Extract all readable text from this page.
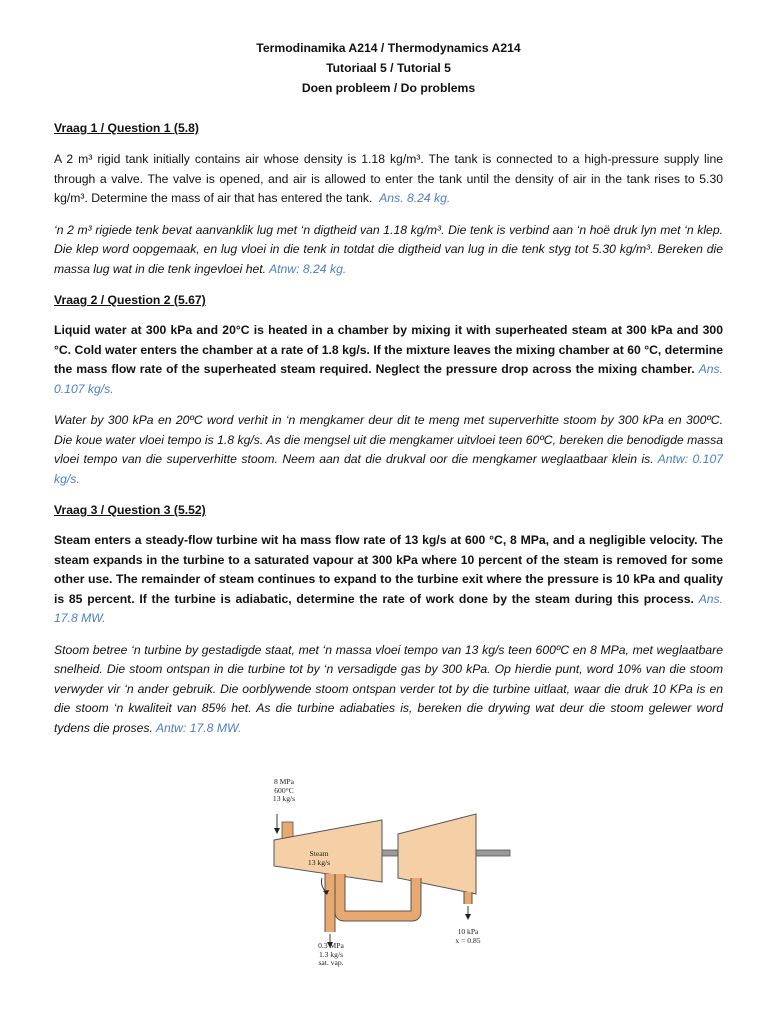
Termodinamika A214 / Thermodynamics A214
Tutoriaal 5 / Tutorial 5
Doen probleem / Do problems
Vraag 1 / Question 1 (5.8)

A 2 m³ rigid tank initially contains air whose density is 1.18 kg/m³. The tank is connected to a high-pressure supply line through a valve. The valve is opened, and air is allowed to enter the tank until the density of air in the tank rises to 5.30 kg/m³. Determine the mass of air that has entered the tank. Ans. 8.24 kg.

‘n 2 m³ rigiede tenk bevat aanvanklik lug met ‘n digtheid van 1.18 kg/m³. Die tenk is verbind aan ‘n hoë druk lyn met ‘n klep. Die klep word oopgemaak, en lug vloei in die tenk in totdat die digtheid van lug in die tenk styg tot 5.30 kg/m³. Bereken die massa lug wat in die tenk ingevloei het. Atnw: 8.24 kg.

Vraag 2 / Question 2 (5.67)

Liquid water at 300 kPa and 20°C is heated in a chamber by mixing it with superheated steam at 300 kPa and 300 °C. Cold water enters the chamber at a rate of 1.8 kg/s. If the mixture leaves the mixing chamber at 60 °C, determine the mass flow rate of the superheated steam required. Neglect the pressure drop across the mixing chamber. Ans. 0.107 kg/s.

Water by 300 kPa en 20ºC word verhit in ‘n mengkamer deur dit te meng met superverhitte stoom by 300 kPa en 300ºC. Die koue water vloei tempo is 1.8 kg/s. As die mengsel uit die mengkamer uitvloei teen 60ºC, bereken die benodigde massa vloei tempo van die superverhitte stoom. Neem aan dat die drukval oor die mengkamer weglaatbaar klein is. Antw: 0.107 kg/s.

Vraag 3 / Question 3 (5.52)

Steam enters a steady-flow turbine wit ha mass flow rate of 13 kg/s at 600 °C, 8 MPa, and a negligible velocity. The steam expands in the turbine to a saturated vapour at 300 kPa where 10 percent of the steam is removed for some other use. The remainder of steam continues to expand to the turbine exit where the pressure is 10 kPa and quality is 85 percent. If the turbine is adiabatic, determine the rate of work done by the steam during this process. Ans. 17.8 MW.

Stoom betree ‘n turbine by gestadigde staat, met ‘n massa vloei tempo van 13 kg/s teen 600ºC en 8 MPa, met weglaatbare snelheid. Die stoom ontspan in die turbine tot by ‘n versadigde gas by 300 kPa. Op hierdie punt, word 10% van die stoom verwyder vir ‘n ander gebruik. Die oorblywende stoom ontspan verder tot by die turbine uitlaat, waar die druk 10 KPa is en die stoom ‘n kwaliteit van 85% het. As die turbine adiabaties is, bereken die drywing wat deur die stoom gelewer word tydens die proses. Antw: 17.8 MW.

8 MPa
600°C
13 kg/s
Steam
13 kg/s
0.3 MPa
1.3 kg/s
sat. vap.
10 kPa
x = 0.85
